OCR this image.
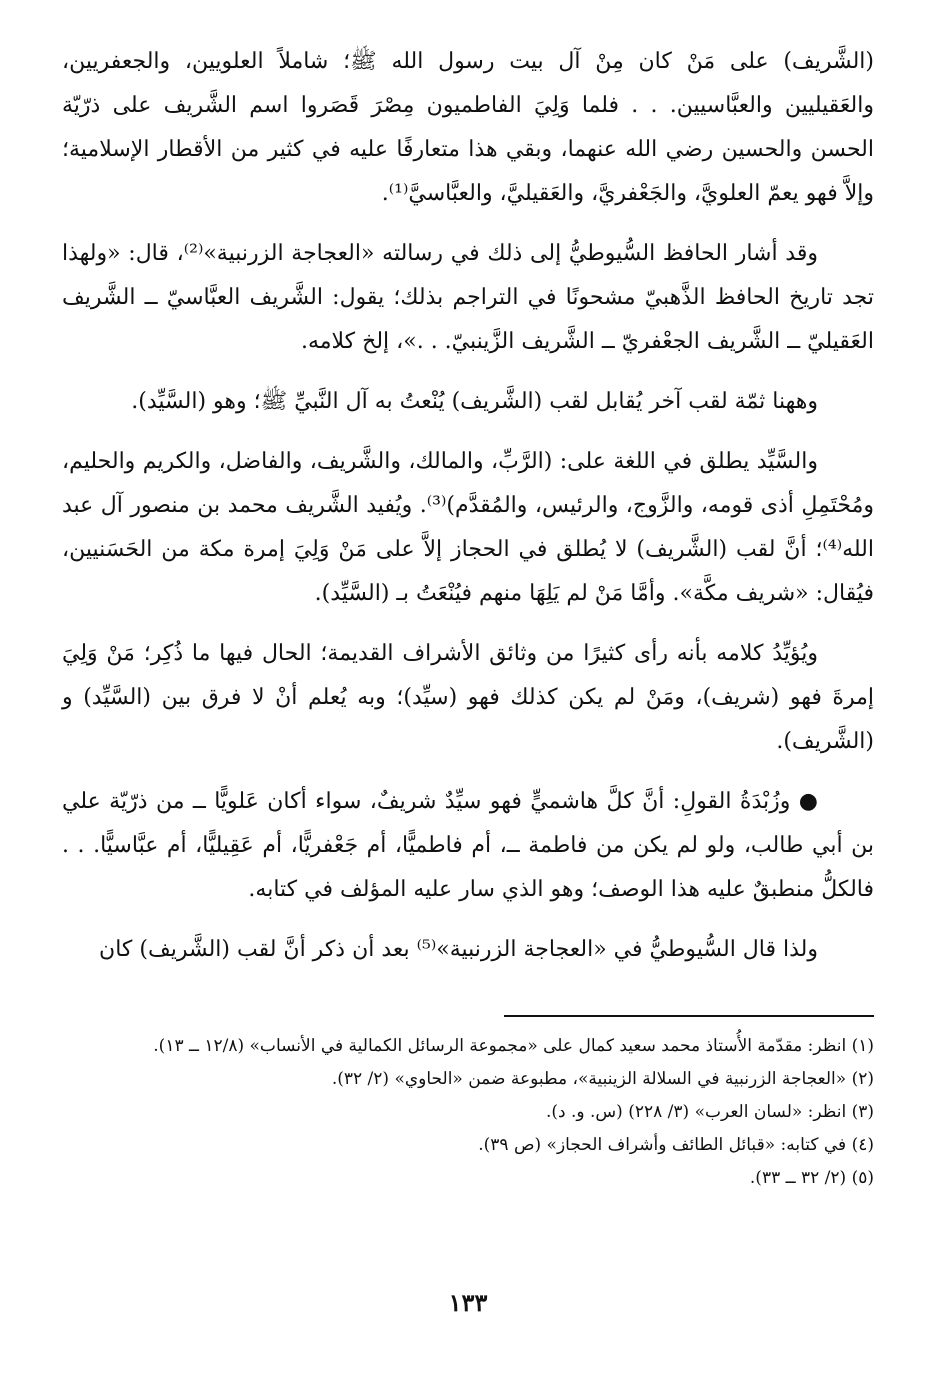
(الشَّريف) على مَنْ كان مِنْ آل بيت رسول الله ﷺ؛ شاملاً العلويين، والجعفريين، والعَقيليين والعبَّاسيين. . . فلما وَلِيَ الفاطميون مِصْرَ قَصَروا اسم الشَّريف على ذرّيّة الحسن والحسين رضي الله عنهما، وبقي هذا متعارفًا عليه في كثير من الأقطار الإسلامية؛ وإلاَّ فهو يعمّ العلويَّ، والجَعْفريَّ، والعَقيليَّ، والعبَّاسيَّ⁽¹⁾.

وقد أشار الحافظ السُّيوطيُّ إلى ذلك في رسالته «العجاجة الزرنبية»⁽²⁾، قال: «ولهذا تجد تاريخ الحافظ الذَّهبيّ مشحونًا في التراجم بذلك؛ يقول: الشَّريف العبَّاسيّ ــ الشَّريف العَقيليّ ــ الشَّريف الجعْفريّ ــ الشَّريف الزَّينبيّ. . .»، إلخ كلامه.

وههنا ثمّة لقب آخر يُقابل لقب (الشَّريف) يُنْعتُ به آل النَّبيِّ ﷺ؛ وهو (السَّيِّد).

والسَّيِّد يطلق في اللغة على: (الرَّبِّ، والمالك، والشَّريف، والفاضل، والكريم والحليم، ومُحْتَمِلِ أذى قومه، والزَّوج، والرئيس، والمُقدَّم)⁽³⁾. ويُفيد الشَّريف محمد بن منصور آل عبد الله⁽⁴⁾؛ أنَّ لقب (الشَّريف) لا يُطلق في الحجاز إلاَّ على مَنْ وَلِيَ إمرة مكة من الحَسَنيين، فيُقال: «شريف مكَّة». وأمَّا مَنْ لم يَلِهَا منهم فيُنْعَتُ بـ (السَّيِّد).

ويُؤيِّدُ كلامه بأنه رأى كثيرًا من وثائق الأشراف القديمة؛ الحال فيها ما ذُكِر؛ مَنْ وَلِيَ إمرةَ فهو (شريف)، ومَنْ لم يكن كذلك فهو (سيِّد)؛ وبه يُعلم أنْ لا فرق بين (السَّيِّد) و (الشَّريف).

● وزُبْدَةُ القولِ: أنَّ كلَّ هاشميٍّ فهو سيِّدٌ شريفٌ، سواء أكان عَلويًّا ــ من ذرّيّة علي بن أبي طالب، ولو لم يكن من فاطمة ــ، أم فاطميًّا، أم جَعْفريًّا، أم عَقِيليًّا، أم عبَّاسيًّا. . . فالكلُّ منطبقٌ عليه هذا الوصف؛ وهو الذي سار عليه المؤلف في كتابه.

ولذا قال السُّيوطيُّ في «العجاجة الزرنبية»⁽⁵⁾ بعد أن ذكر أنَّ لقب (الشَّريف) كان

(١) انظر: مقدّمة الأُستاذ محمد سعيد كمال على «مجموعة الرسائل الكمالية في الأنساب» (١٢/٨ ــ ١٣).

(٢) «العجاجة الزرنبية في السلالة الزينبية»، مطبوعة ضمن «الحاوي» (٢/ ٣٢).

(٣) انظر: «لسان العرب» (٣/ ٢٢٨) (س. و. د).

(٤) في كتابه: «قبائل الطائف وأشراف الحجاز» (ص ٣٩).

(٥) (٢/ ٣٢ ــ ٣٣).

١٣٣
